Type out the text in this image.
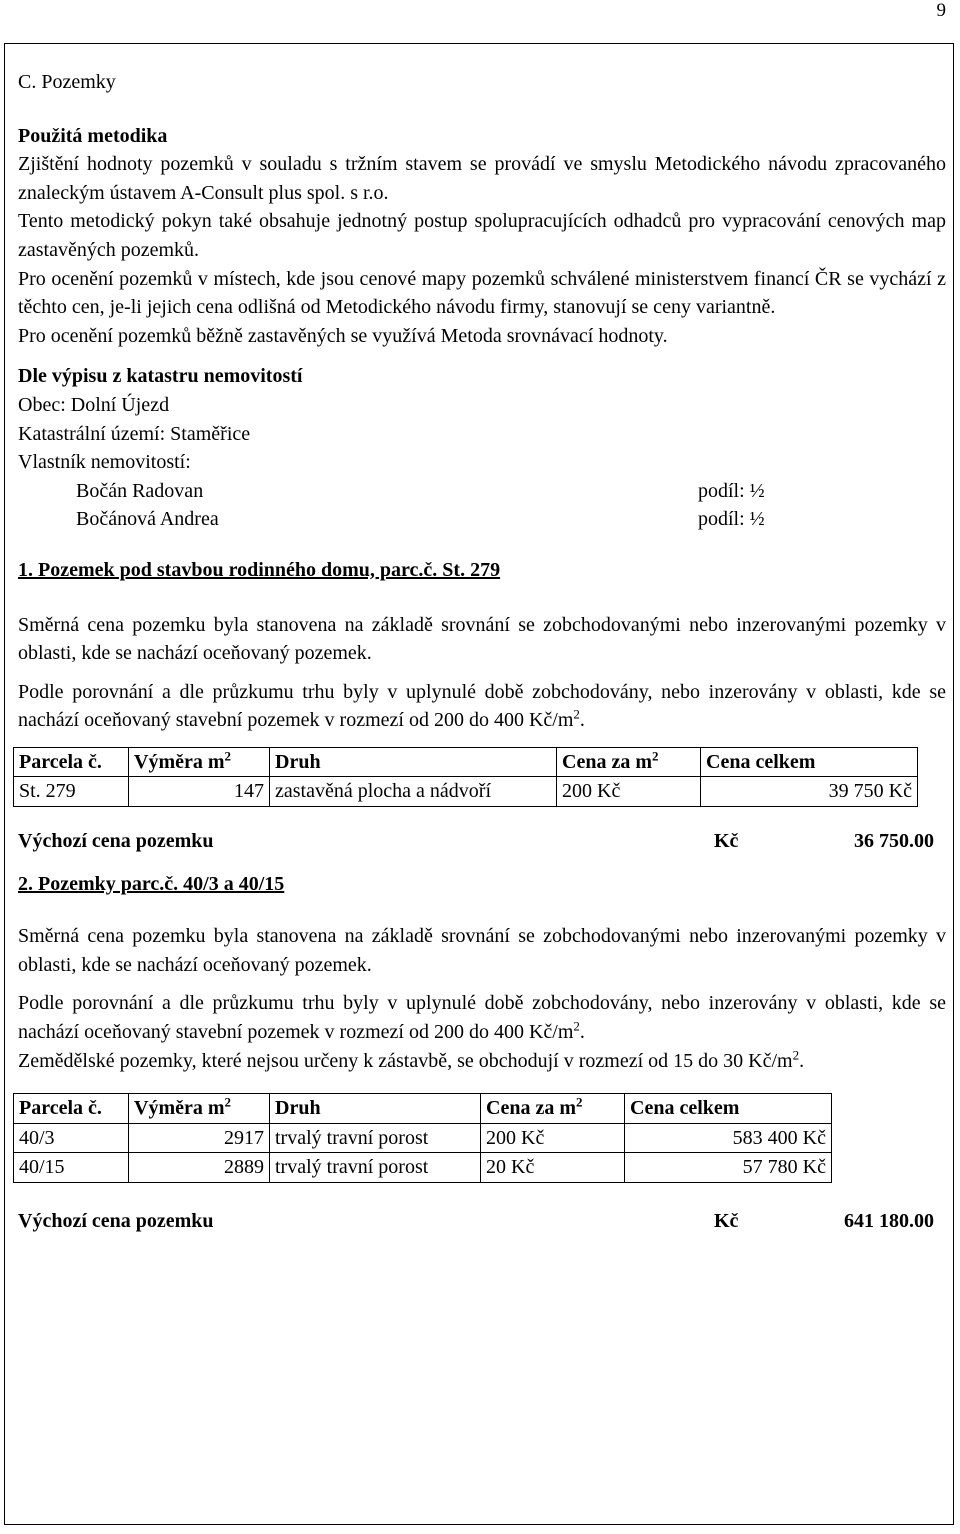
9
C. Pozemky
Použitá metodika

Zjištění hodnoty pozemků v souladu s tržním stavem se provádí ve smyslu Metodického návodu zpracovaného znaleckým ústavem A-Consult plus spol. s r.o.

Tento metodický pokyn také obsahuje jednotný postup spolupracujících odhadců pro vypracování cenových map zastavěných pozemků.

Pro ocenění pozemků v místech, kde jsou cenové mapy pozemků schválené ministerstvem financí ČR se vychází z těchto cen, je-li jejich cena odlišná od Metodického návodu firmy, stanovují se ceny variantně.

Pro ocenění pozemků běžně zastavěných se využívá Metoda srovnávací hodnoty.

Dle výpisu z katastru nemovitostí
Obec: Dolní Újezd
Katastrální území: Staměřice
Vlastník nemovitostí:
Bočán Radovan	podíl: ½
Bočánová Andrea	podíl: ½
1. Pozemek pod stavbou rodinného domu, parc.č. St. 279

Směrná cena pozemku byla stanovena na základě srovnání se zobchodovanými nebo inzerovanými pozemky v oblasti, kde se nachází oceňovaný pozemek.

Podle porovnání a dle průzkumu trhu byly v uplynulé době zobchodovány, nebo inzerovány v oblasti, kde se nachází oceňovaný stavební pozemek v rozmezí od 200 do 400 $Kč/m^2$.

Parcela č.	Výměra $m^2$	Druh	Cena za $m^2$	Cena celkem
St. 279	147	zastavěná plocha a nádvoří	200 Kč	39 750 Kč
Výchozí cena pozemku	Kč	36 750.00
2. Pozemky parc.č. 40/3 a 40/15

Směrná cena pozemku byla stanovena na základě srovnání se zobchodovanými nebo inzerovanými pozemky v oblasti, kde se nachází oceňovaný pozemek.

Podle porovnání a dle průzkumu trhu byly v uplynulé době zobchodovány, nebo inzerovány v oblasti, kde se nachází oceňovaný stavební pozemek v rozmezí od 200 do 400 $Kč/m^2$.

Zemědělské pozemky, které nejsou určeny k zástavbě, se obchodují v rozmezí od 15 do 30 $Kč/m^2$.

Parcela č.	Výměra $m^2$	Druh	Cena za $m^2$	Cena celkem
40/3	2917	trvalý travní porost	200 Kč	583 400 Kč
40/15	2889	trvalý travní porost	20 Kč	57 780 Kč
Výchozí cena pozemku	Kč	641 180.00
